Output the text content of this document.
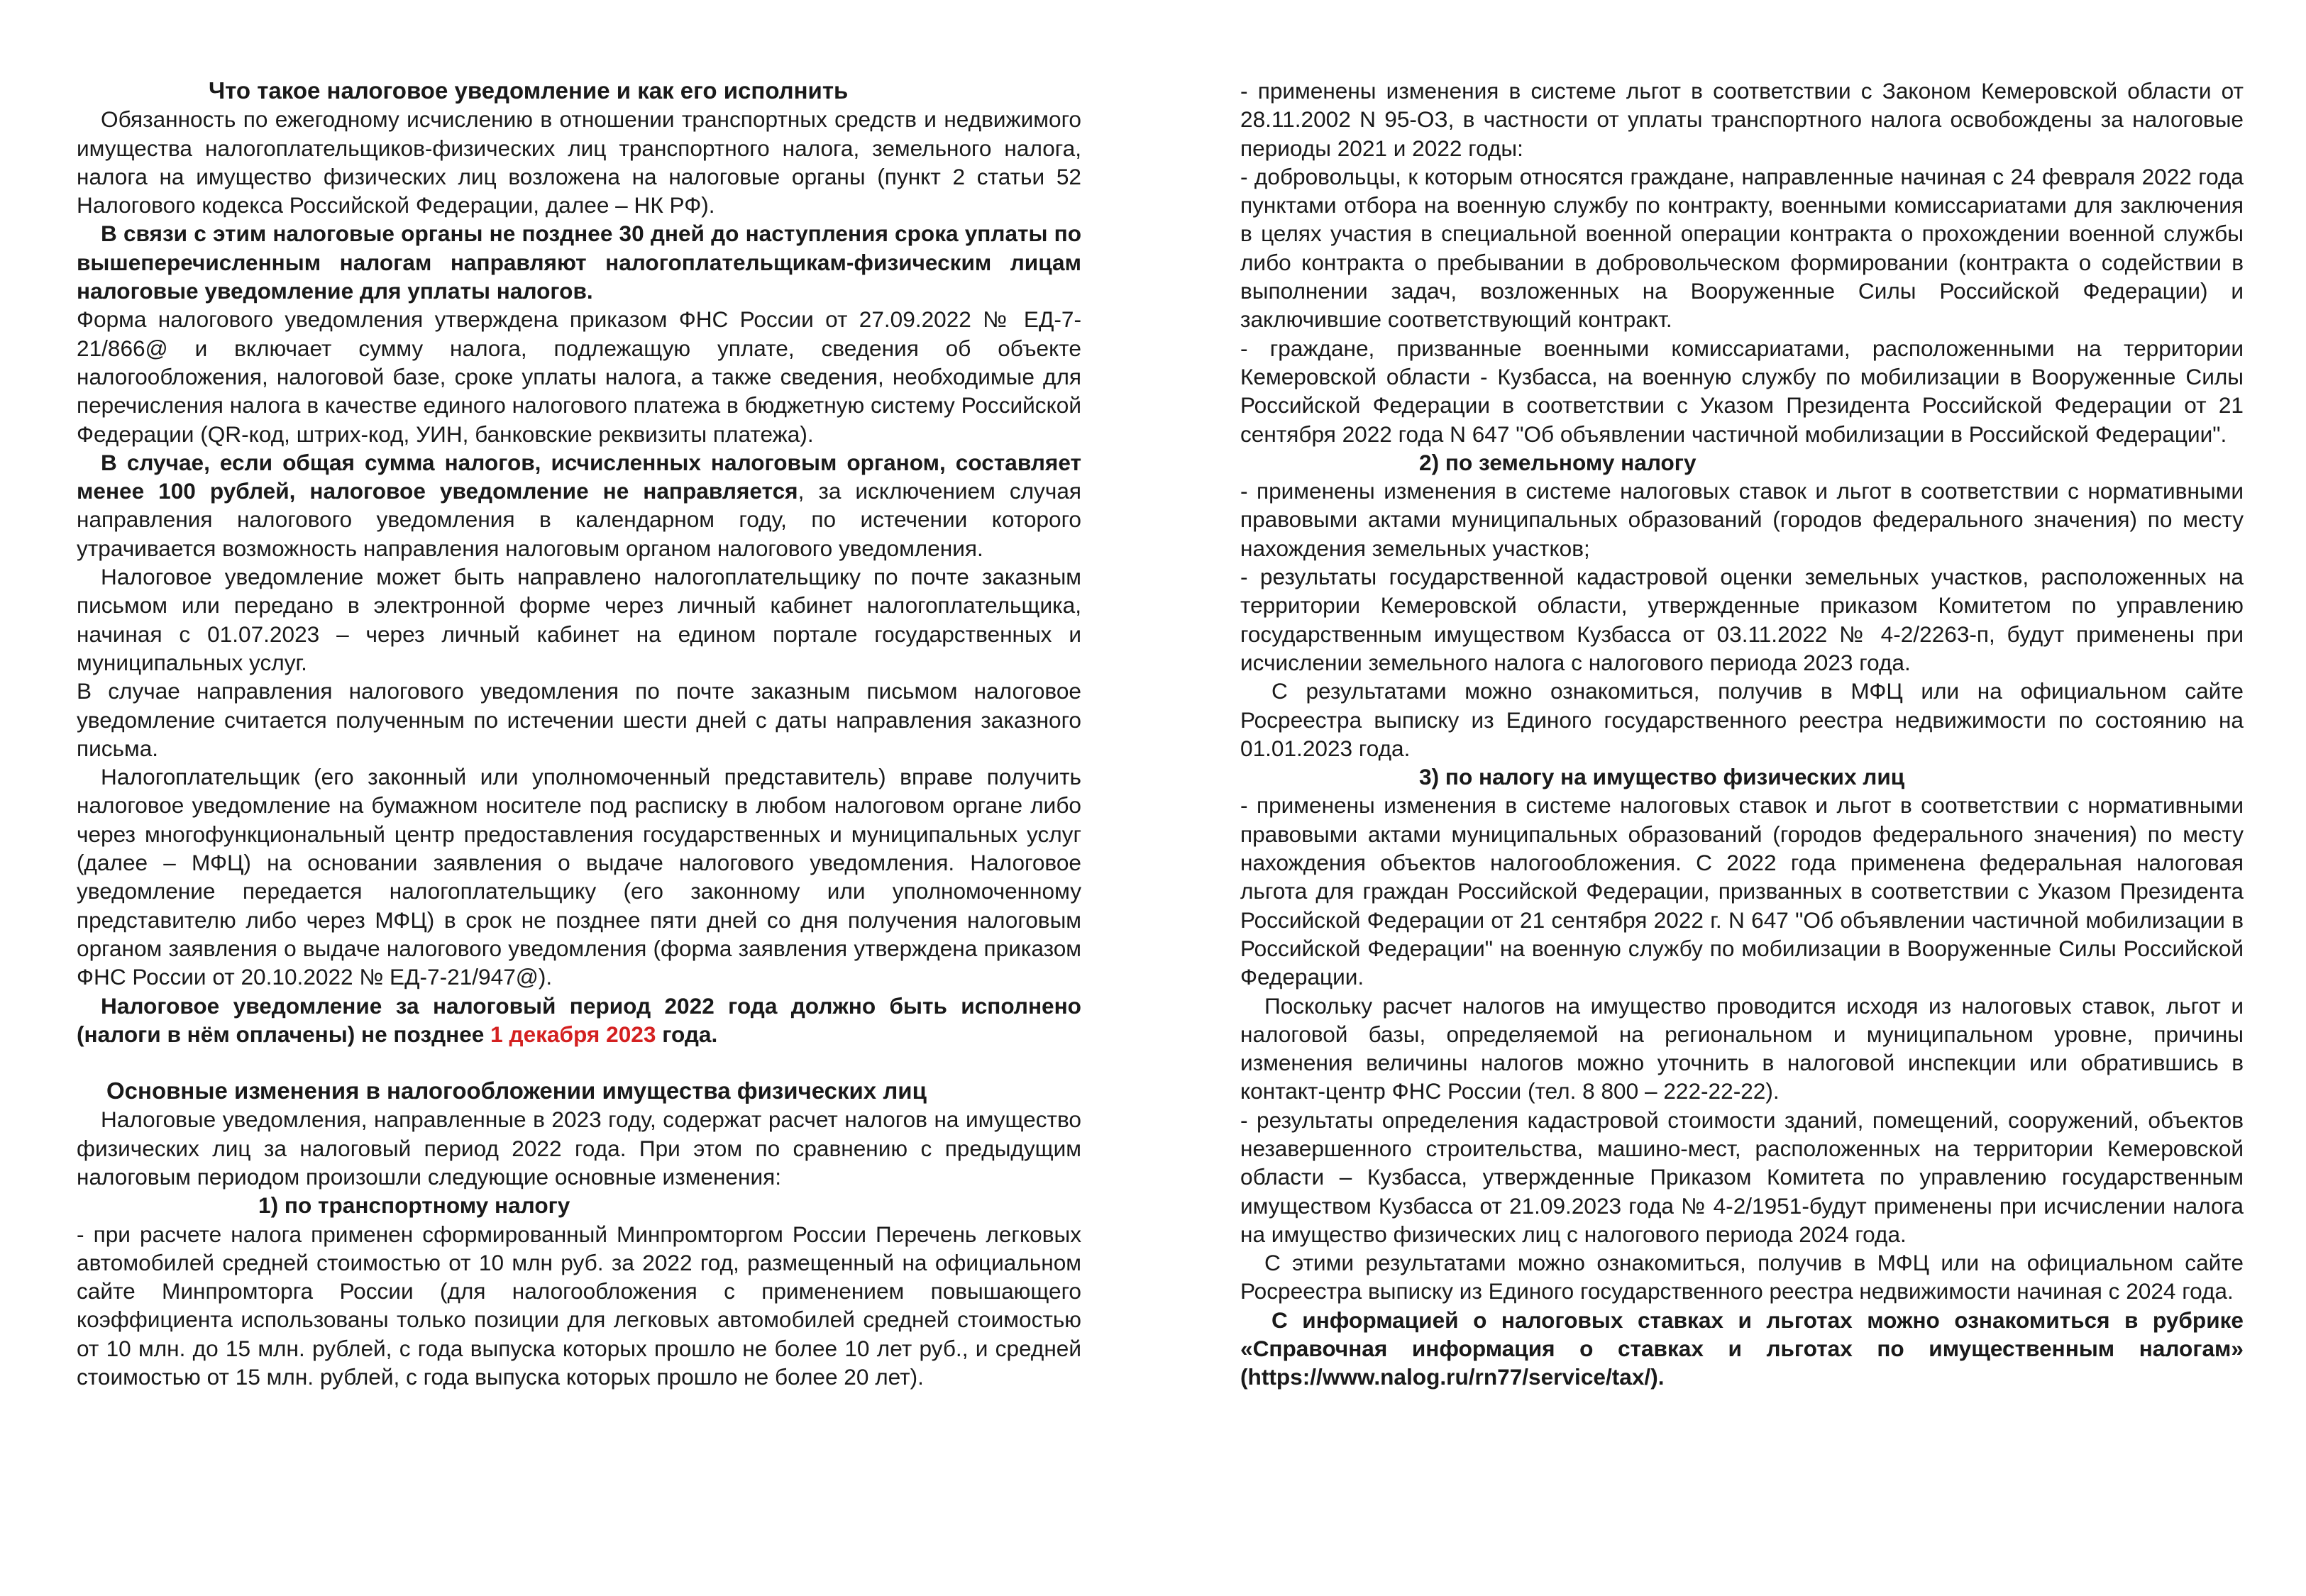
Что такое налоговое уведомление и как его исполнить

Обязанность по ежегодному исчислению в отношении транспортных средств и недвижимого имущества налогоплательщиков-физических лиц транспортного налога, земельного налога, налога на имущество физических лиц возложена на налоговые органы (пункт 2 статьи 52 Налогового кодекса Российской Федерации, далее – НК РФ).

В связи с этим налоговые органы не позднее 30 дней до наступления срока уплаты по вышеперечисленным налогам направляют налогоплательщикам-физическим лицам налоговые уведомление для уплаты налогов.

Форма налогового уведомления утверждена приказом ФНС России от 27.09.2022 № ЕД-7-21/866@ и включает сумму налога, подлежащую уплате, сведения об объекте налогообложения, налоговой базе, сроке уплаты налога, а также сведения, необходимые для перечисления налога в качестве единого налогового платежа в бюджетную систему Российской Федерации (QR-код, штрих-код, УИН, банковские реквизиты платежа).

В случае, если общая сумма налогов, исчисленных налоговым органом, составляет менее 100 рублей, налоговое уведомление не направляется, за исключением случая направления налогового уведомления в календарном году, по истечении которого утрачивается возможность направления налоговым органом налогового уведомления.

Налоговое уведомление может быть направлено налогоплательщику по почте заказным письмом или передано в электронной форме через личный кабинет налогоплательщика, начиная с 01.07.2023 – через личный кабинет на едином портале государственных и муниципальных услуг.

В случае направления налогового уведомления по почте заказным письмом налоговое уведомление считается полученным по истечении шести дней с даты направления заказного письма.

Налогоплательщик (его законный или уполномоченный представитель) вправе получить налоговое уведомление на бумажном носителе под расписку в любом налоговом органе либо через многофункциональный центр предоставления государственных и муниципальных услуг (далее – МФЦ) на основании заявления о выдаче налогового уведомления. Налоговое уведомление передается налогоплательщику (его законному или уполномоченному представителю либо через МФЦ) в срок не позднее пяти дней со дня получения налоговым органом заявления о выдаче налогового уведомления (форма заявления утверждена приказом ФНС России от 20.10.2022 № ЕД-7-21/947@).

Налоговое уведомление за налоговый период 2022 года должно быть исполнено (налоги в нём оплачены) не позднее 1 декабря 2023 года.

Основные изменения в налогообложении имущества физических лиц

Налоговые уведомления, направленные в 2023 году, содержат расчет налогов на имущество физических лиц за налоговый период 2022 года. При этом по сравнению с предыдущим налоговым периодом произошли следующие основные изменения:

1) по транспортному налогу

- при расчете налога применен сформированный Минпромторгом России Перечень легковых автомобилей средней стоимостью от 10 млн руб. за 2022 год, размещенный на официальном сайте Минпромторга России (для налогообложения с применением повышающего коэффициента использованы только позиции для легковых автомобилей средней стоимостью от 10 млн. до 15 млн. рублей, с года выпуска которых прошло не более 10 лет руб., и средней стоимостью от 15 млн. рублей, с года выпуска которых прошло не более 20 лет).

- применены изменения в системе льгот в соответствии с Законом Кемеровской области от 28.11.2002 N 95-ОЗ, в частности от уплаты транспортного налога освобождены за налоговые периоды 2021 и 2022 годы:

- добровольцы, к которым относятся граждане, направленные начиная с 24 февраля 2022 года пунктами отбора на военную службу по контракту, военными комиссариатами для заключения в целях участия в специальной военной операции контракта о прохождении военной службы либо контракта о пребывании в добровольческом формировании (контракта о содействии в выполнении задач, возложенных на Вооруженные Силы Российской Федерации) и заключившие соответствующий контракт.

- граждане, призванные военными комиссариатами, расположенными на территории Кемеровской области - Кузбасса, на военную службу по мобилизации в Вооруженные Силы Российской Федерации в соответствии с Указом Президента Российской Федерации от 21 сентября 2022 года N 647 "Об объявлении частичной мобилизации в Российской Федерации".

2) по земельному налогу

- применены изменения в системе налоговых ставок и льгот в соответствии с нормативными правовыми актами муниципальных образований (городов федерального значения) по месту нахождения земельных участков;

- результаты государственной кадастровой оценки земельных участков, расположенных на территории Кемеровской области, утвержденные приказом Комитетом по управлению государственным имуществом Кузбасса от 03.11.2022 № 4-2/2263-п, будут применены при исчислении земельного налога с налогового периода 2023 года.

С результатами можно ознакомиться, получив в МФЦ или на официальном сайте Росреестра выписку из Единого государственного реестра недвижимости по состоянию на 01.01.2023 года.

3) по налогу на имущество физических лиц

- применены изменения в системе налоговых ставок и льгот в соответствии с нормативными правовыми актами муниципальных образований (городов федерального значения) по месту нахождения объектов налогообложения. С 2022 года применена федеральная налоговая льгота для граждан Российской Федерации, призванных в соответствии с Указом Президента Российской Федерации от 21 сентября 2022 г. N 647 "Об объявлении частичной мобилизации в Российской Федерации" на военную службу по мобилизации в Вооруженные Силы Российской Федерации.

Поскольку расчет налогов на имущество проводится исходя из налоговых ставок, льгот и налоговой базы, определяемой на региональном и муниципальном уровне, причины изменения величины налогов можно уточнить в налоговой инспекции или обратившись в контакт-центр ФНС России (тел. 8 800 – 222-22-22).

- результаты определения кадастровой стоимости зданий, помещений, сооружений, объектов незавершенного строительства, машино-мест, расположенных на территории Кемеровской области – Кузбасса, утвержденные Приказом Комитета по управлению государственным имуществом Кузбасса от 21.09.2023 года № 4-2/1951-будут применены при исчислении налога на имущество физических лиц с налогового периода 2024 года.

С этими результатами можно ознакомиться, получив в МФЦ или на официальном сайте Росреестра выписку из Единого государственного реестра недвижимости начиная с 2024 года.

С информацией о налоговых ставках и льготах можно ознакомиться в рубрике «Справочная информация о ставках и льготах по имущественным налогам» (https://www.nalog.ru/rn77/service/tax/).
